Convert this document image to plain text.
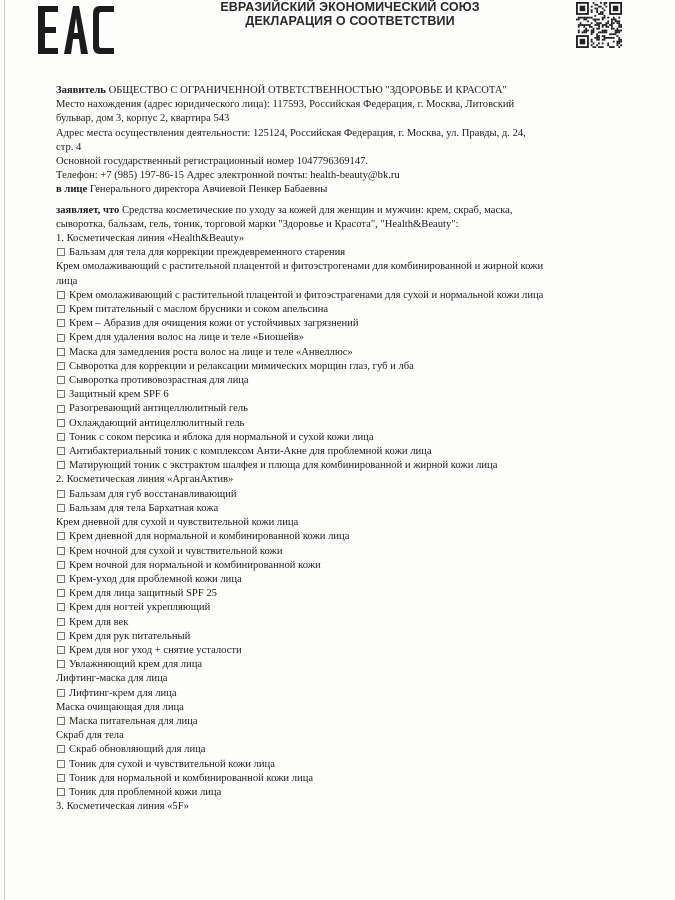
ЕВРАЗИЙСКИЙ ЭКОНОМИЧЕСКИЙ СОЮЗ
ДЕКЛАРАЦИЯ О СООТВЕТСТВИИ

Заявитель ОБЩЕСТВО С ОГРАНИЧЕННОЙ ОТВЕТСТВЕННОСТЬЮ "ЗДОРОВЬЕ И КРАСОТА"

Место нахождения (адрес юридического лица): 117593, Российская Федерация, г. Москва, Литовский

бульвар, дом 3, корпус 2, квартира 543

Адрес места осуществления деятельности: 125124, Российская Федерация, г. Москва, ул. Правды, д. 24,

стр. 4

Основной государственный регистрационный номер 1047796369147.

Телефон: +7 (985) 197-86-15 Адрес электронной почты: health-beauty@bk.ru

в лице Генерального директора Авчиевой Пенкер Бабаевны

заявляет, что Средства косметические по уходу за кожей для женщин и мужчин: крем, скраб, маска,

сыворотка, бальзам, гель, тоник, торговой марки "Здоровье и Красота", "Health&Beauty":

1. Косметическая линия «Health&Beauty»

Бальзам для тела для коррекции преждевременного старения

Крем омолаживающий с растительной плацентой и фитоэстрогенами для комбинированной и жирной кожи

лица

Крем омолаживающий с растительной плацентой и фитоэстрагенами для сухой и нормальной кожи лица

Крем питательный с маслом брусники и соком апельсина

Крем – Абразив для очищения кожи от устойчивых загрязнений

Крем для удаления волос на лице и теле «Биошейв»

Маска для замедления роста волос на лице и теле «Анвеллюс»

Сыворотка для коррекции и релаксации мимических морщин глаз, губ и лба

Сыворотка противовозрастная для лица

Защитный крем SPF 6

Разогревающий антицеллюлитный гель

Охлаждающий антицеллюлитный гель

Тоник с соком персика и яблока для нормальной и сухой кожи лица

Антибактериальный тоник с комплексом Анти-Акне для проблемной кожи лица

Матирующий тоник с экстрактом шалфея и плюща для комбинированной и жирной кожи лица

2. Косметическая линия «АрганАктив»

Бальзам для губ восстанавливающий

Бальзам для тела Бархатная кожа

Крем дневной для сухой и чувствительной кожи лица

Крем дневной для нормальной и комбинированной кожи лица

Крем ночной для сухой и чувствительной кожи

Крем ночной для нормальной и комбинированной кожи

Крем-уход для проблемной кожи лица

Крем для лица защитный SPF 25

Крем для ногтей укрепляющий

Крем для век

Крем для рук питательный

Крем для ног уход + снятие усталости

Увлажняющий крем для лица

Лифтинг-маска для лица

Лифтинг-крем для лица

Маска очищающая для лица

Маска питательная для лица

Скраб для тела

Скраб обновляющий для лица

Тоник для сухой и чувствительной кожи лица

Тоник для нормальной и комбинированной кожи лица

Тоник для проблемной кожи лица

3. Косметическая линия «5F»
